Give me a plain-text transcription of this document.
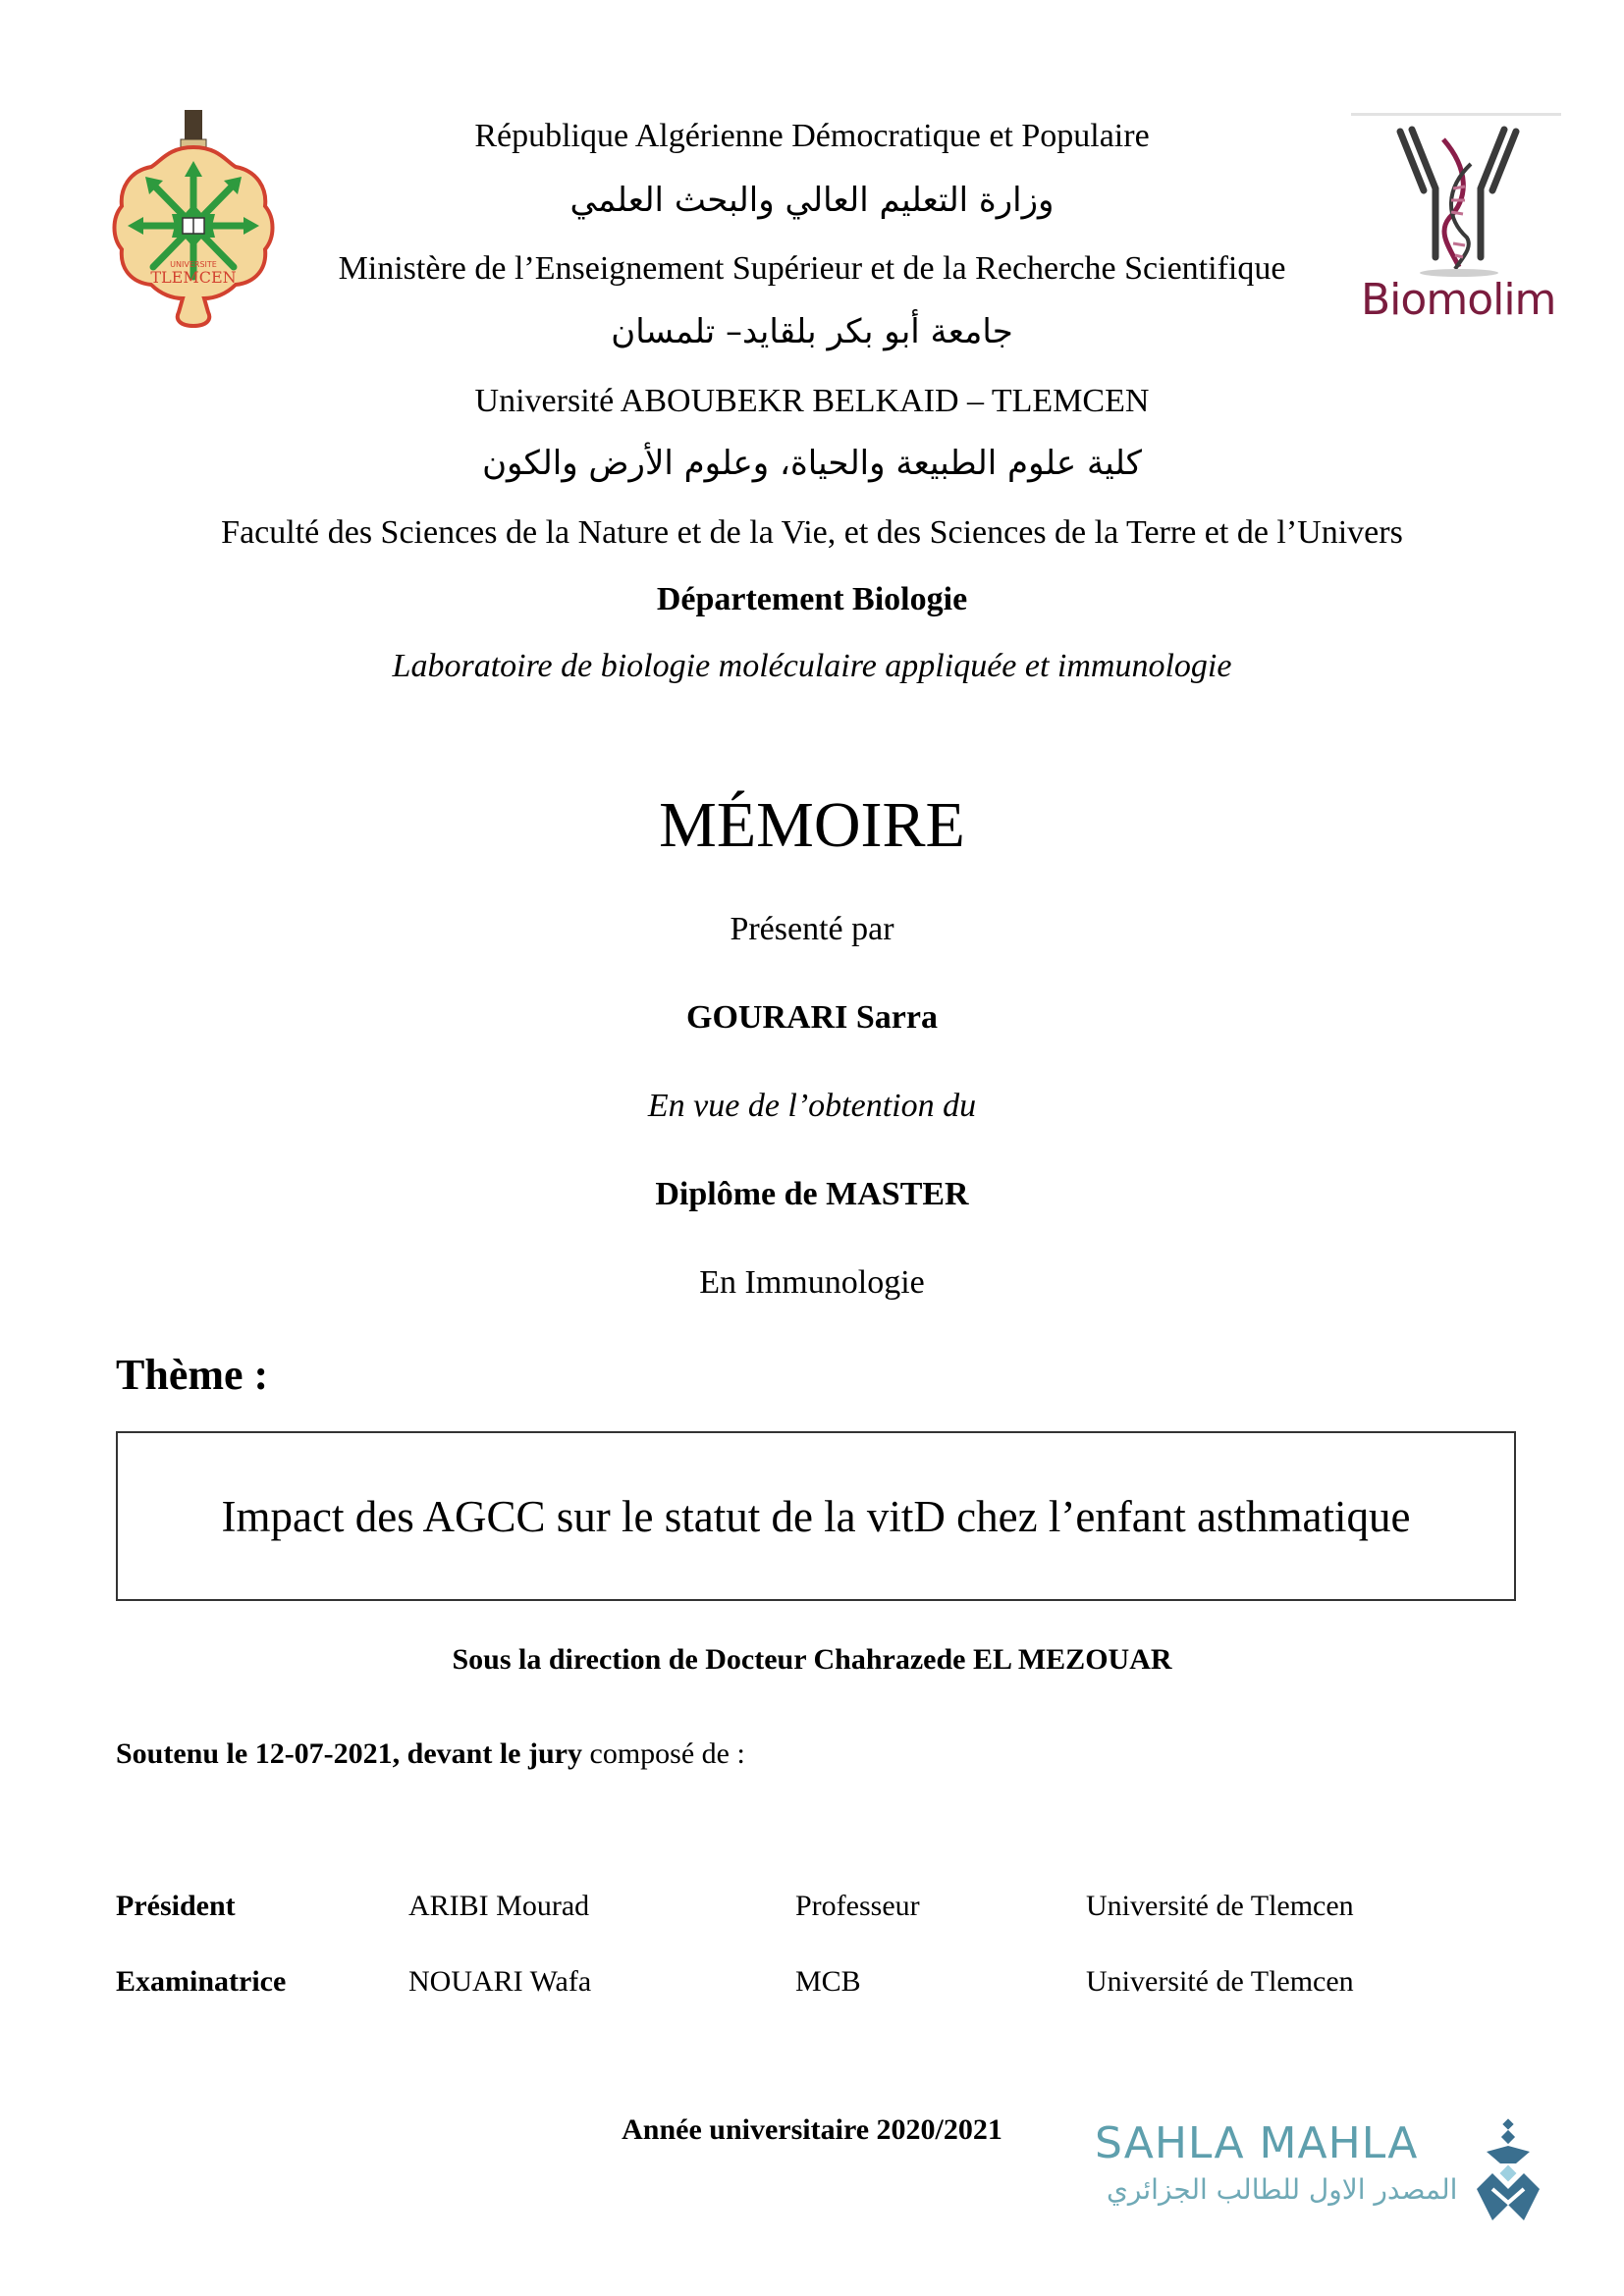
UNIVERSITE
TLEMCEN	Biomolim
République Algérienne Démocratique et Populaire
وزارة التعليم العالي والبحث العلمي
Ministère de l’Enseignement Supérieur et de la Recherche Scientifique
جامعة أبو بكر بلقايد– تلمسان
Université ABOUBEKR BELKAID – TLEMCEN
كلية علوم الطبيعة والحياة، وعلوم الأرض والكون
Faculté des Sciences de la Nature et de la Vie, et des Sciences de la Terre et de l’Univers
Département Biologie
Laboratoire de biologie moléculaire appliquée et immunologie
MÉMOIRE
Présenté par
GOURARI Sarra
En vue de l’obtention du
Diplôme de MASTER
En Immunologie
Thème :
Impact des AGCC sur le statut de la vitD chez l’enfant asthmatique
Sous la direction de Docteur Chahrazede EL MEZOUAR
Soutenu le 12-07-2021, devant le jury composé de :
Président	ARIBI Mourad	Professeur	Université de Tlemcen
Examinatrice	NOUARI Wafa	MCB	Université de Tlemcen
Année universitaire 2020/2021	SAHLA MAHLA
المصدر الاول للطالب الجزائري
